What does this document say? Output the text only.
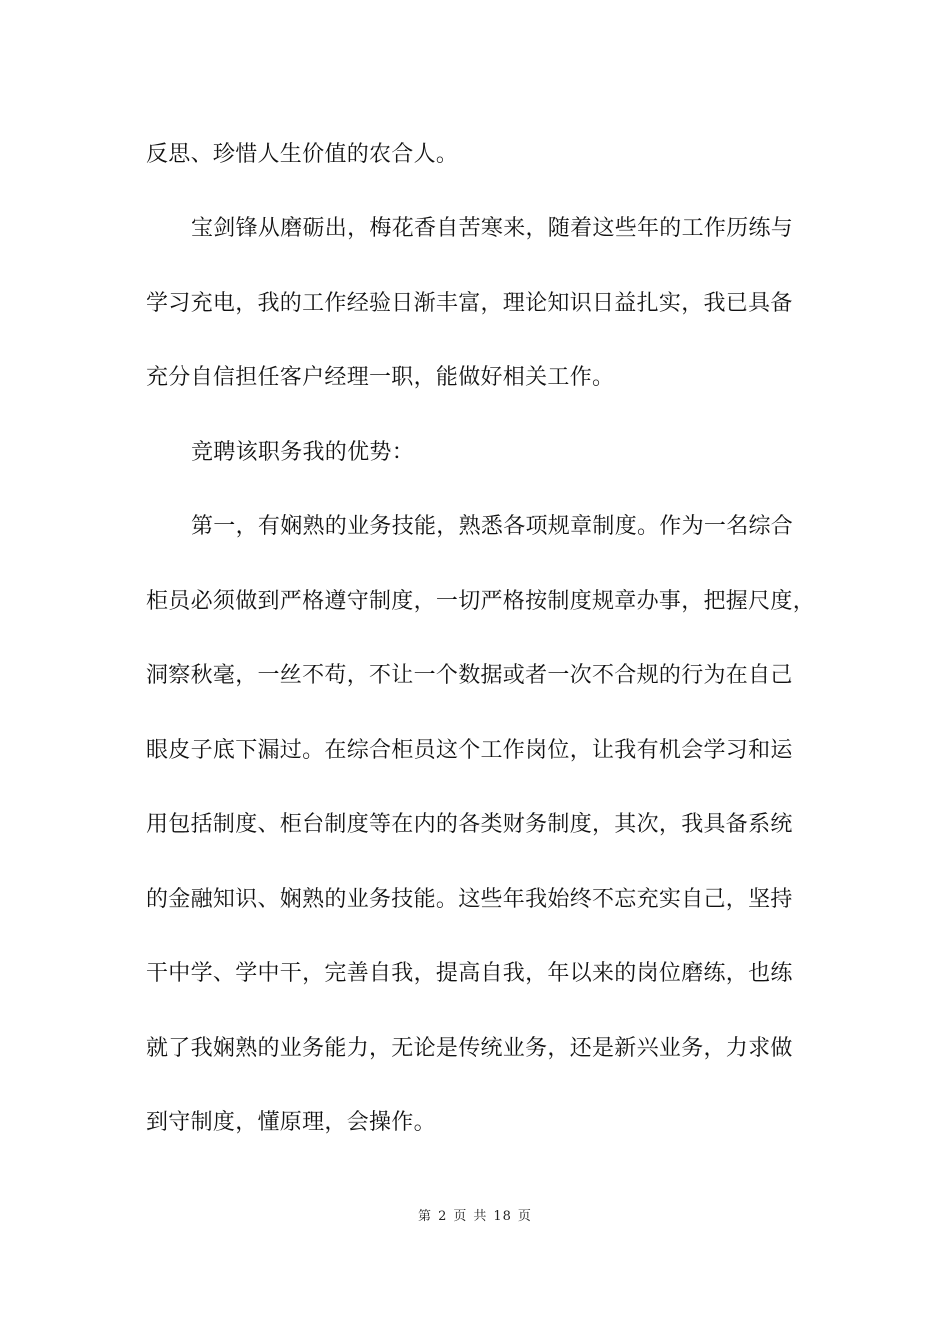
反思、珍惜人生价值的农合人。
宝剑锋从磨砺出，梅花香自苦寒来，随着这些年的工作历练与
学习充电，我的工作经验日渐丰富，理论知识日益扎实，我已具备
充分自信担任客户经理一职，能做好相关工作。
竞聘该职务我的优势：
第一，有娴熟的业务技能，熟悉各项规章制度。作为一名综合
柜员必须做到严格遵守制度，一切严格按制度规章办事，把握尺度，
洞察秋毫，一丝不苟，不让一个数据或者一次不合规的行为在自己
眼皮子底下漏过。在综合柜员这个工作岗位，让我有机会学习和运
用包括制度、柜台制度等在内的各类财务制度，其次，我具备系统
的金融知识、娴熟的业务技能。这些年我始终不忘充实自己，坚持
干中学、学中干，完善自我，提高自我，年以来的岗位磨练，也练
就了我娴熟的业务能力，无论是传统业务，还是新兴业务，力求做
到守制度，懂原理，会操作。
第 2 页 共 18 页
